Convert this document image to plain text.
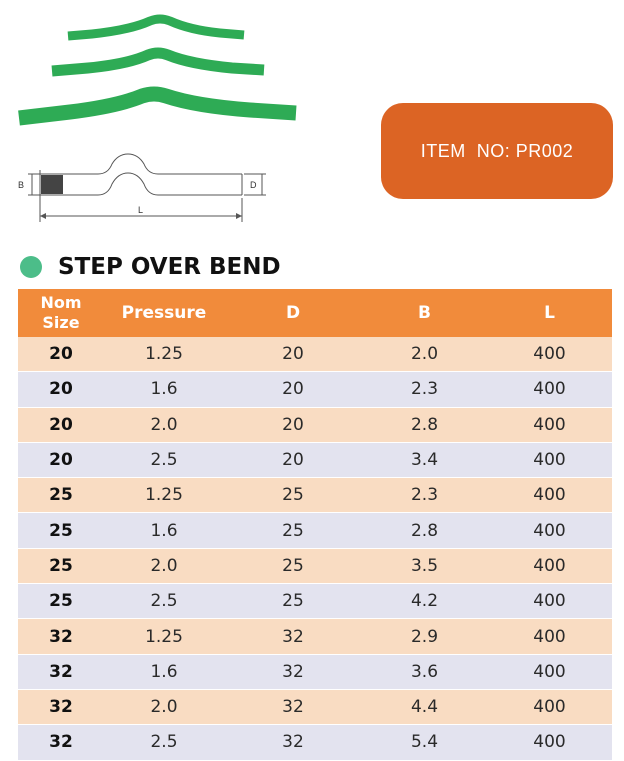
B	D
L
ITEM  NO: PR002
STEP OVER BEND
Nom
Size	Pressure	D	B	L
20	1.25	20	2.0	400
20	1.6	20	2.3	400
20	2.0	20	2.8	400
20	2.5	20	3.4	400
25	1.25	25	2.3	400
25	1.6	25	2.8	400
25	2.0	25	3.5	400
25	2.5	25	4.2	400
32	1.25	32	2.9	400
32	1.6	32	3.6	400
32	2.0	32	4.4	400
32	2.5	32	5.4	400
